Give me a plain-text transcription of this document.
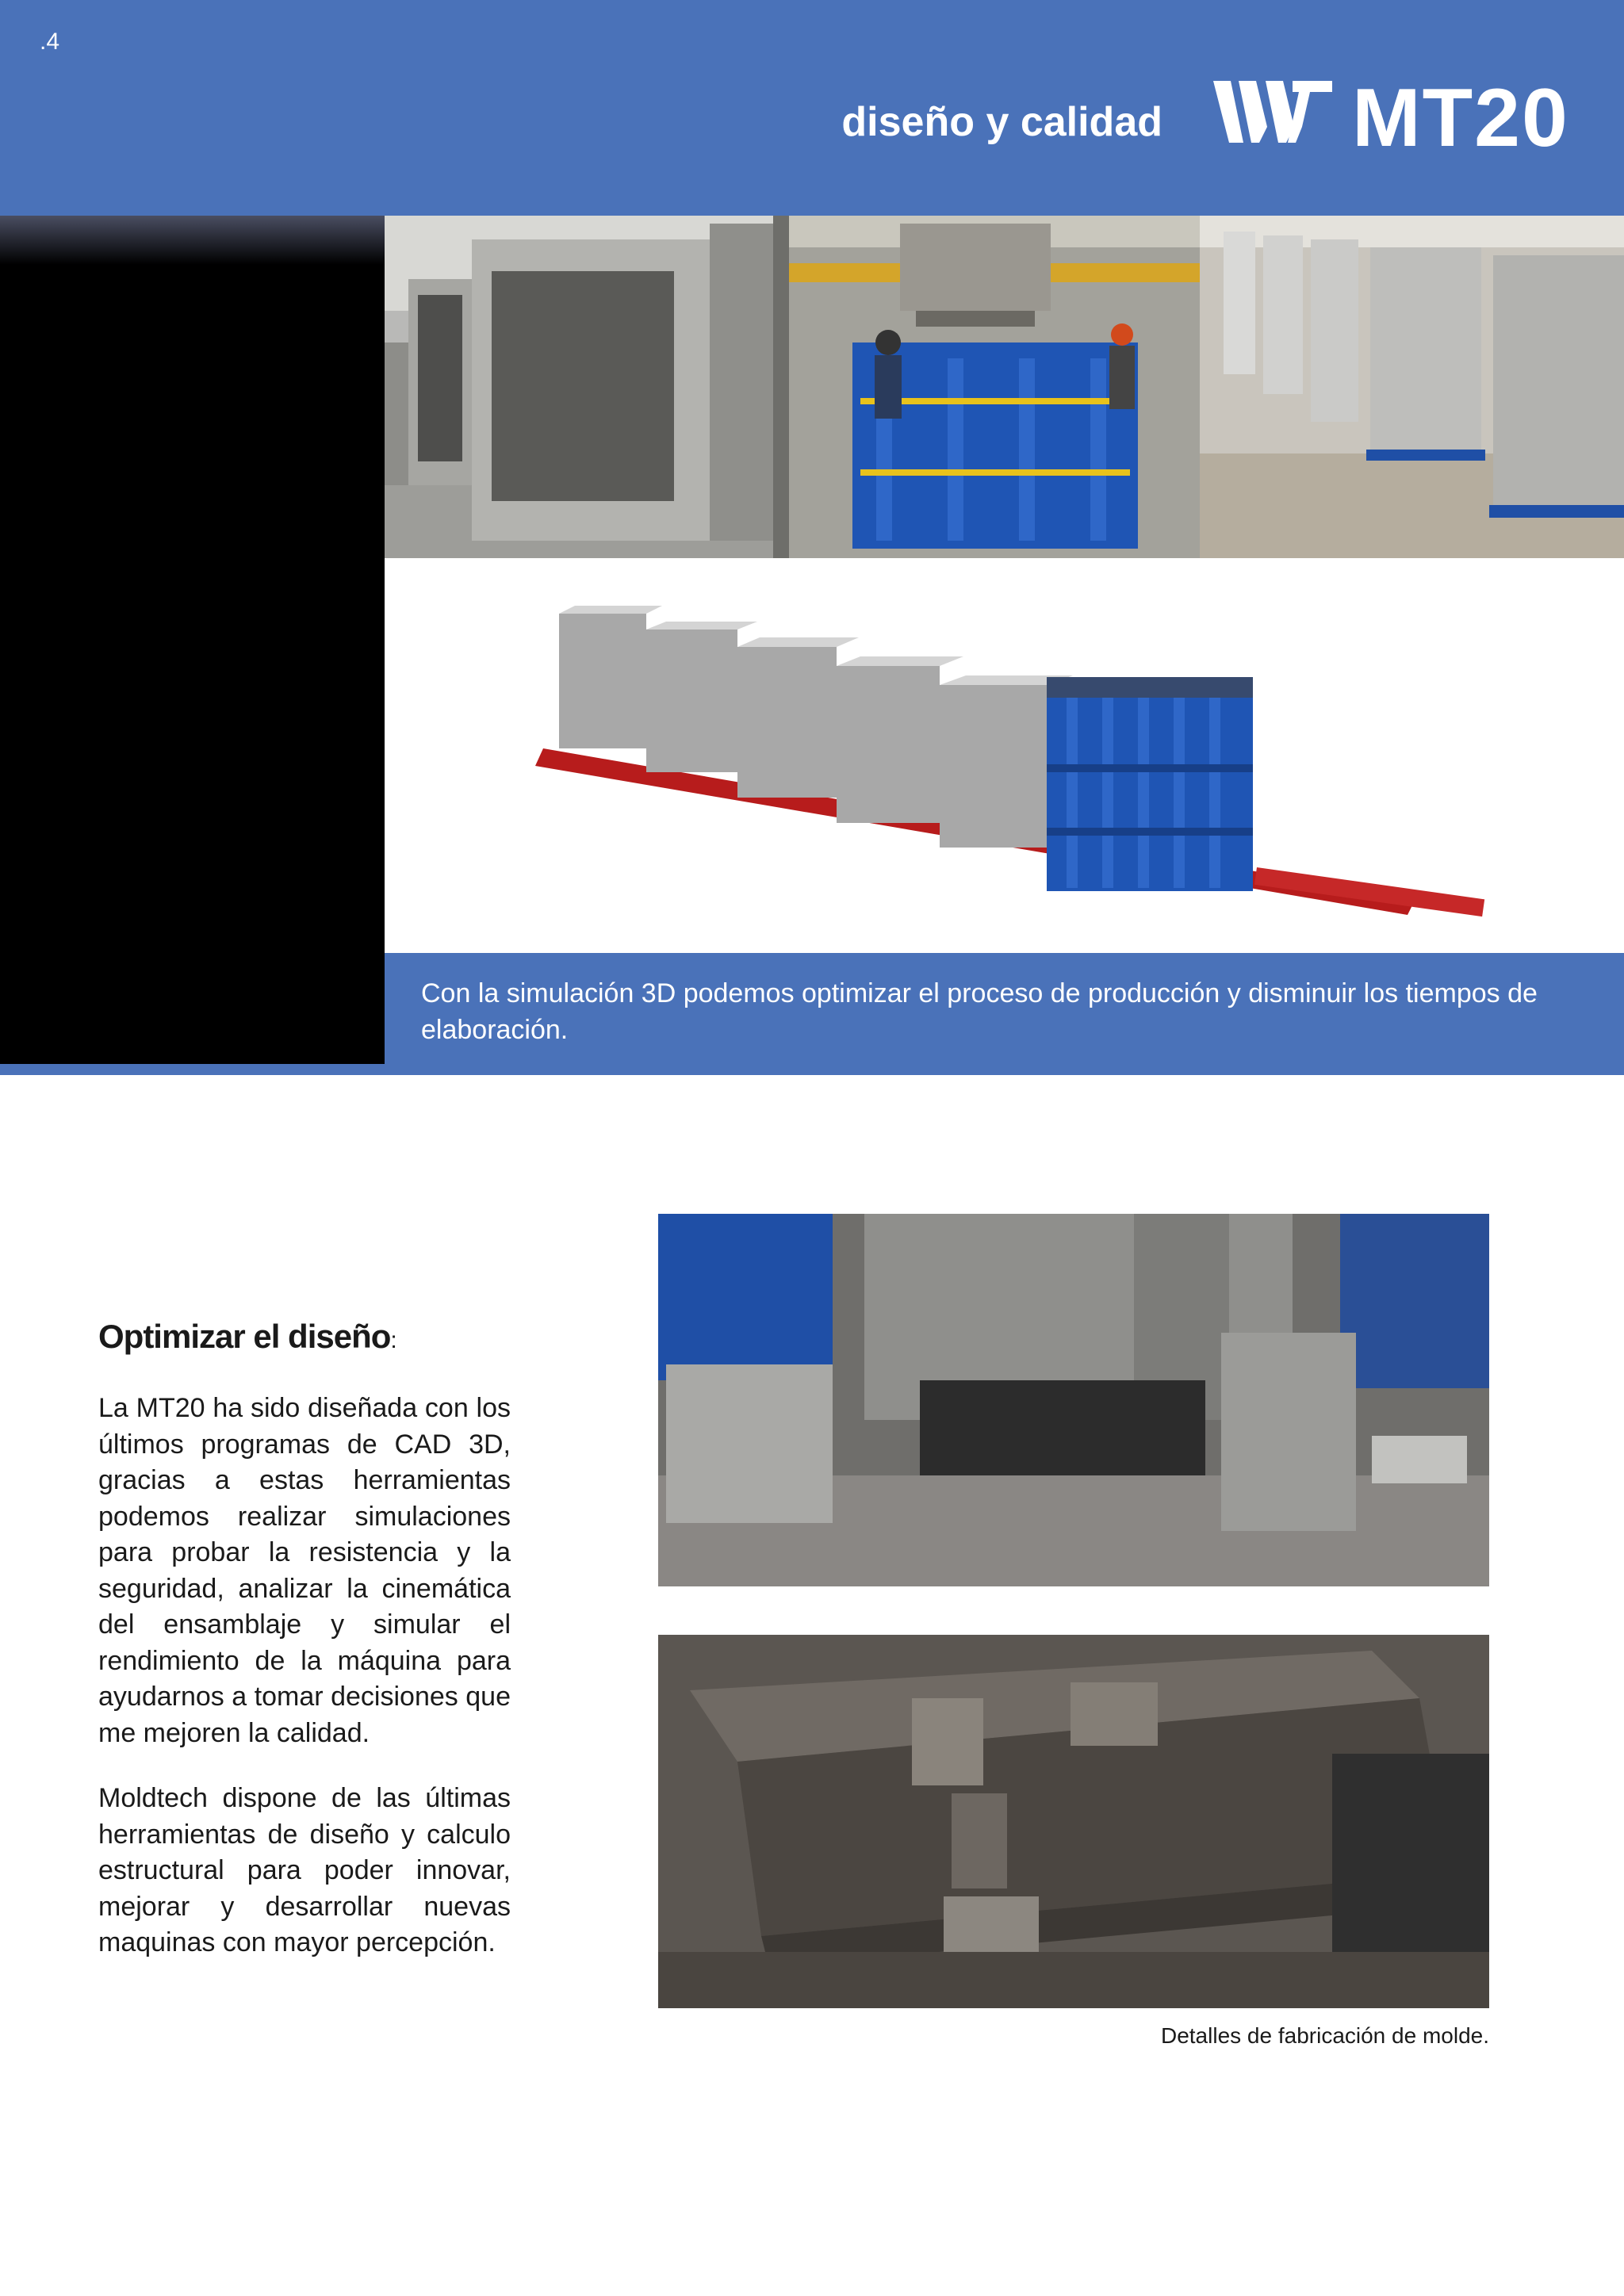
.4
diseño y calidad MT20
Con la simulación 3D podemos optimizar el proceso de producción y disminuir los tiempos de elaboración.
Optimizar el diseño:
La MT20 ha sido diseñada con los últimos programas de CAD 3D, gracias a estas herramientas podemos realizar simulaciones para probar la resistencia y la seguridad, analizar la cinemática del ensamblaje y simular el rendimiento de la máquina para ayudarnos a tomar decisiones que me mejoren la calidad.
Moldtech dispone de las últimas herramientas de diseño y calculo estructural para poder innovar, mejorar y desarrollar nuevas maquinas con mayor percepción.
Detalles de fabricación de molde.
